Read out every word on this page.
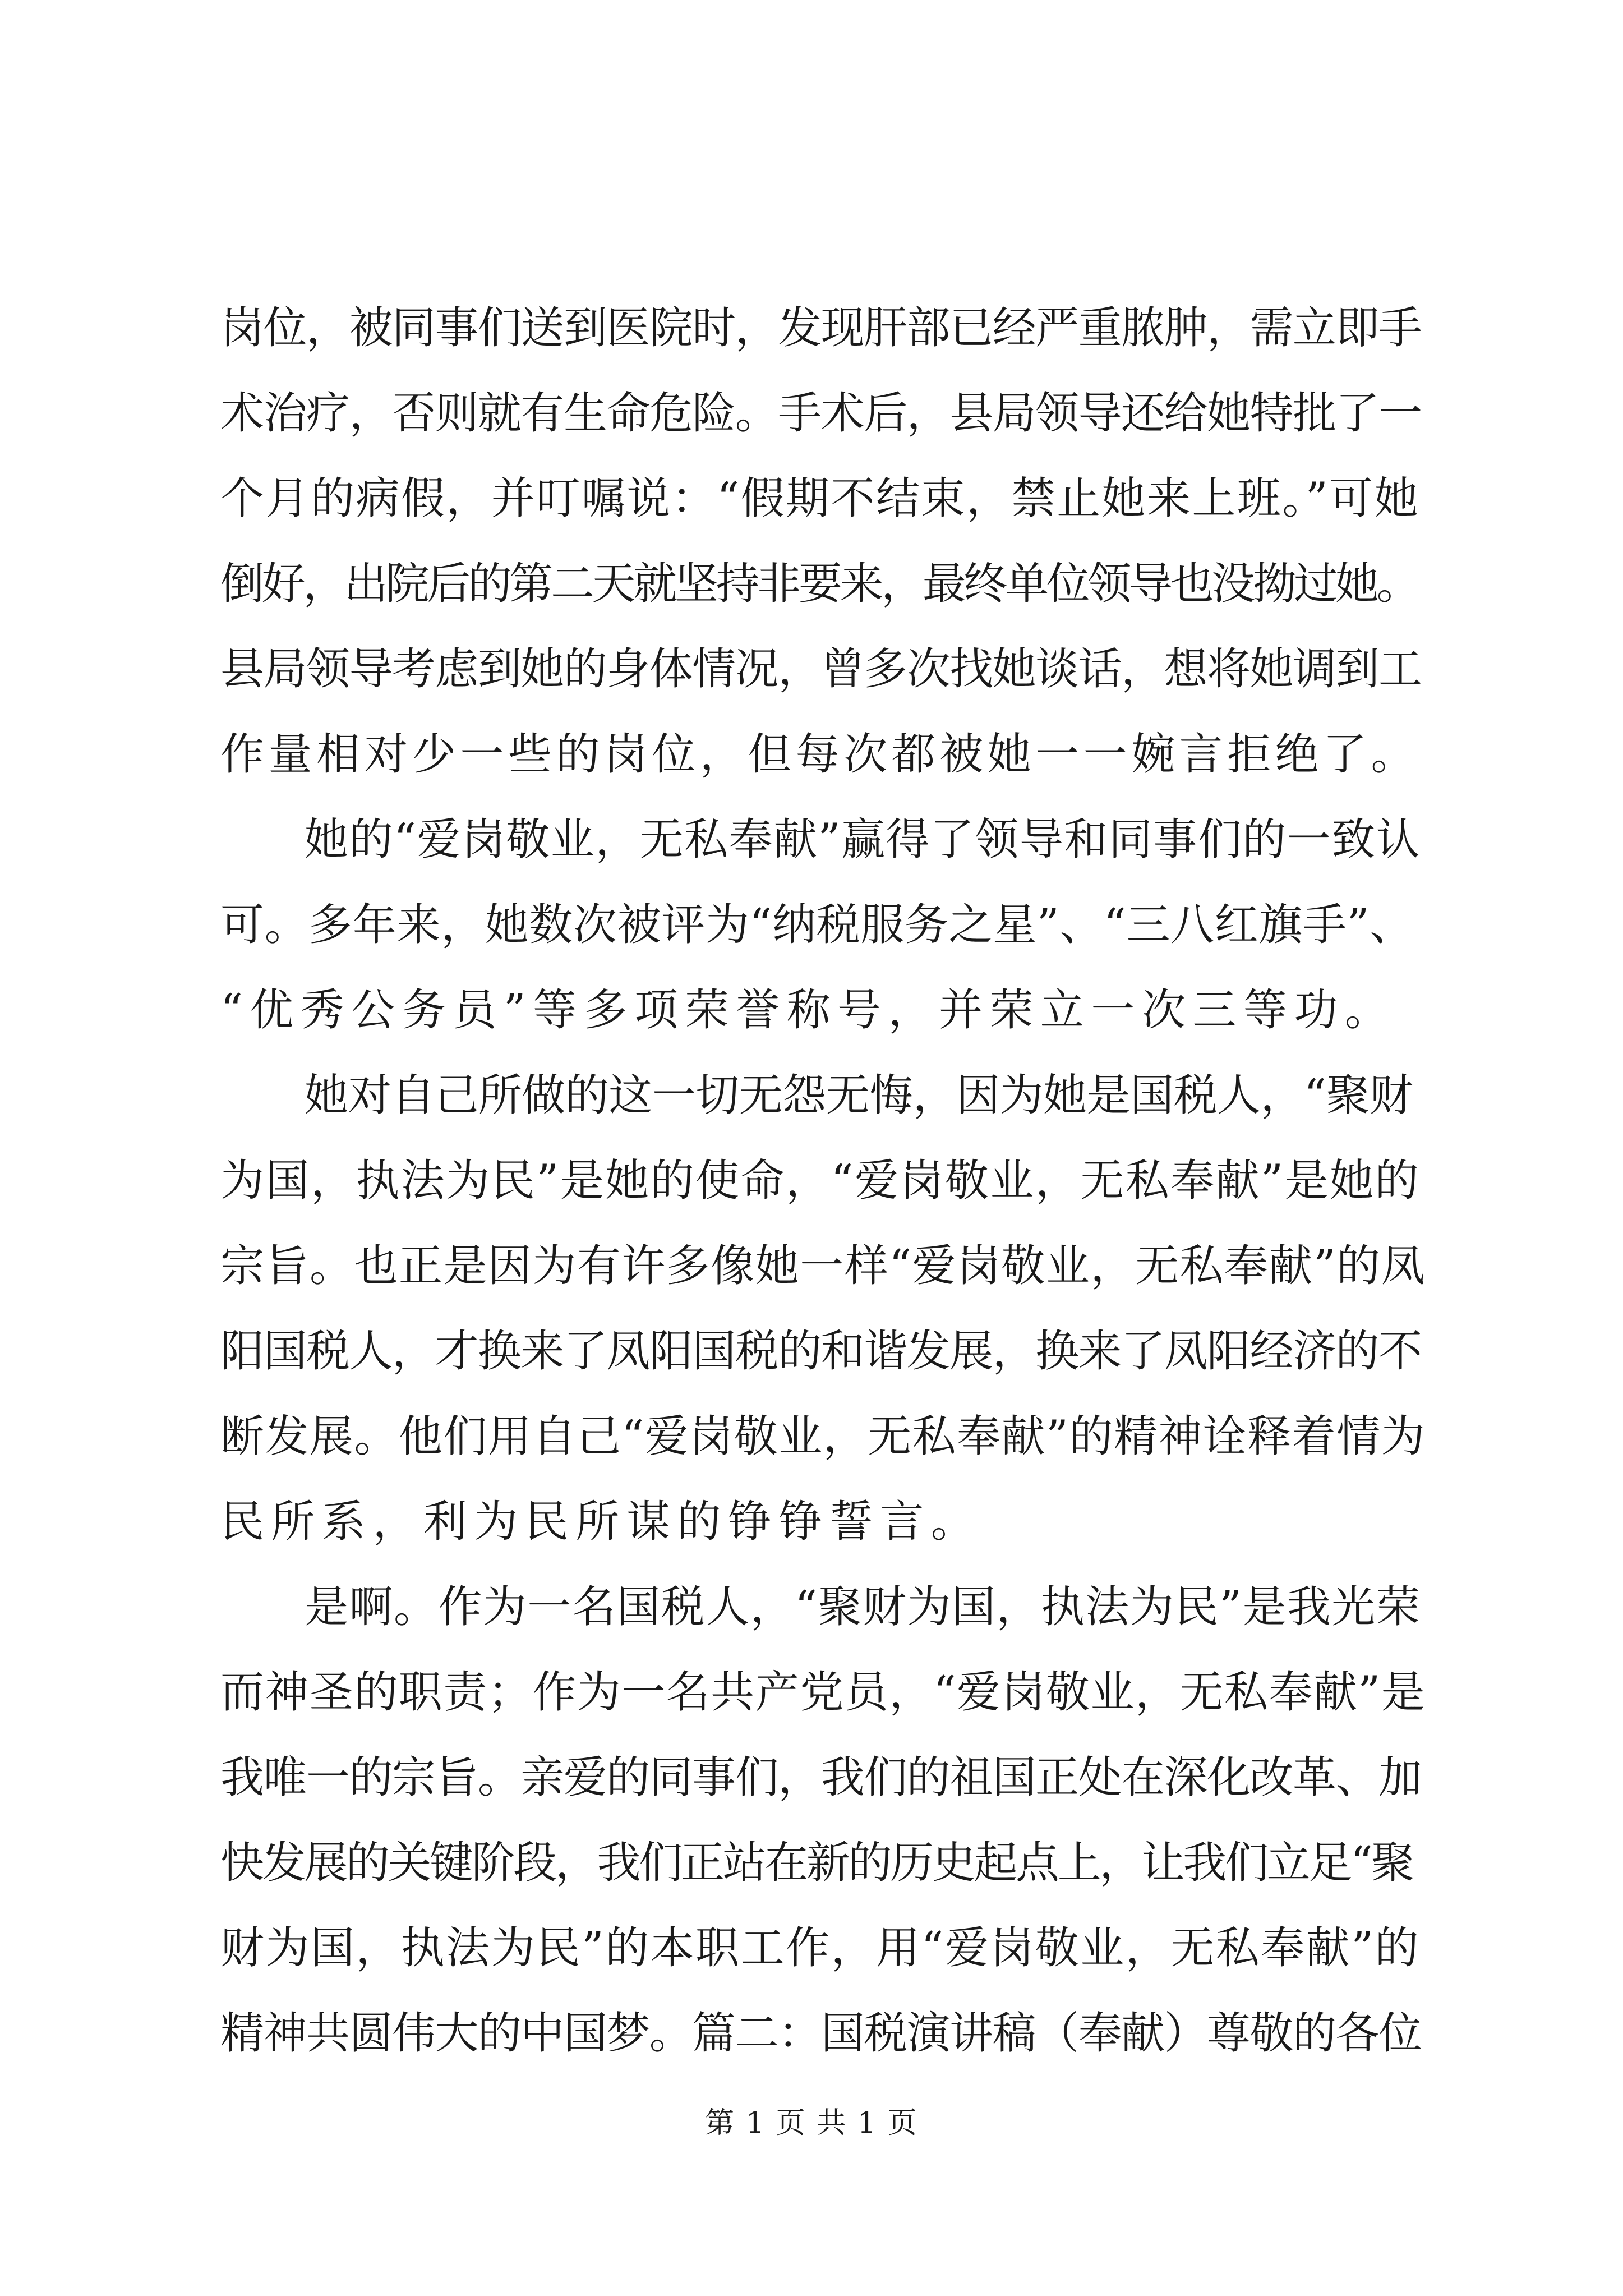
岗位，被同事们送到医院时，发现肝部已经严重脓肿，需立即手
术治疗，否则就有生命危险。手术后，县局领导还给她特批了一
个月的病假，并叮嘱说：“假期不结束，禁止她来上班。”可她
倒好，出院后的第二天就坚持非要来，最终单位领导也没拗过她。
县局领导考虑到她的身体情况，曾多次找她谈话，想将她调到工
作量相对少一些的岗位，但每次都被她一一婉言拒绝了。
她的“爱岗敬业，无私奉献”赢得了领导和同事们的一致认
可。多年来，她数次被评为“纳税服务之星”、“三八红旗手”、
“优秀公务员”等多项荣誉称号，并荣立一次三等功。
她对自己所做的这一切无怨无悔，因为她是国税人，“聚财
为国，执法为民”是她的使命，“爱岗敬业，无私奉献”是她的
宗旨。也正是因为有许多像她一样“爱岗敬业，无私奉献”的凤
阳国税人，才换来了凤阳国税的和谐发展，换来了凤阳经济的不
断发展。他们用自己“爱岗敬业，无私奉献”的精神诠释着情为
民所系，利为民所谋的铮铮誓言。
是啊。作为一名国税人，“聚财为国，执法为民”是我光荣
而神圣的职责；作为一名共产党员，“爱岗敬业，无私奉献”是
我唯一的宗旨。亲爱的同事们，我们的祖国正处在深化改革、加
快发展的关键阶段，我们正站在新的历史起点上，让我们立足“聚
财为国，执法为民”的本职工作，用“爱岗敬业，无私奉献”的
精神共圆伟大的中国梦。篇二：国税演讲稿（奉献）尊敬的各位
第 1 页 共 1 页
